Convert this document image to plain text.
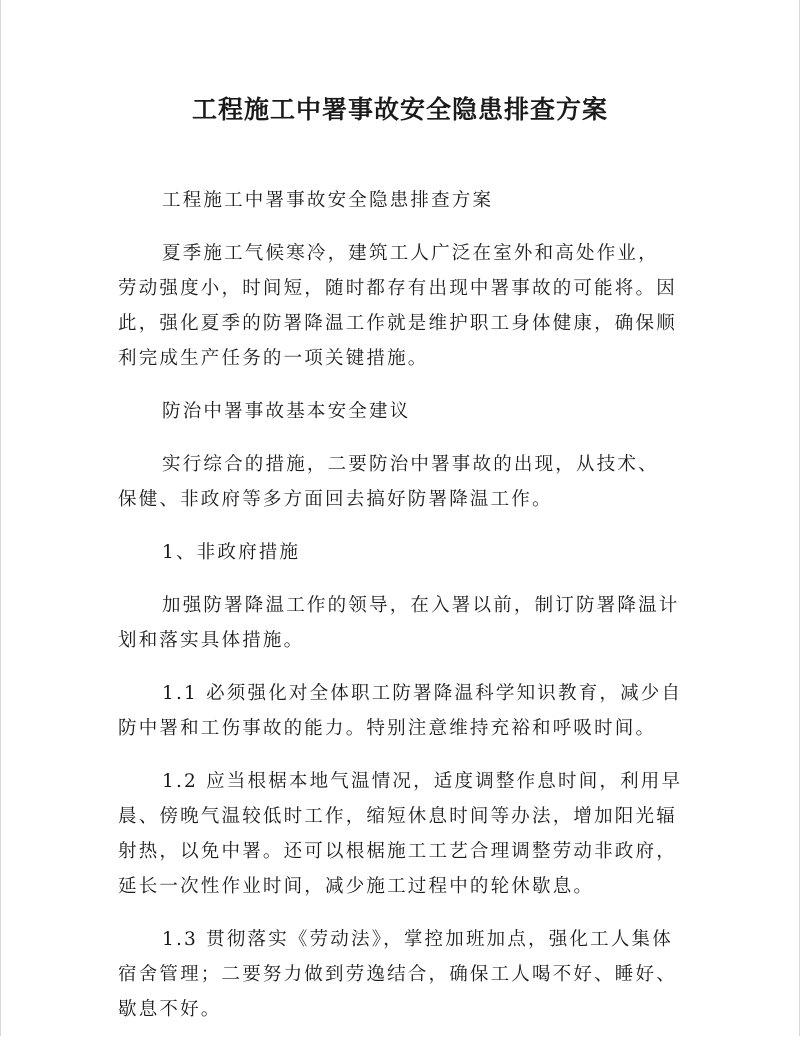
工程施工中署事故安全隐患排查方案

工程施工中署事故安全隐患排查方案

夏季施工气候寒冷，建筑工人广泛在室外和高处作业，
劳动强度小，时间短，随时都存有出现中署事故的可能将。因
此，强化夏季的防署降温工作就是维护职工身体健康，确保顺
利完成生产任务的一项关键措施。

防治中署事故基本安全建议

实行综合的措施，二要防治中署事故的出现，从技术、
保健、非政府等多方面回去搞好防署降温工作。

1、非政府措施

加强防署降温工作的领导，在入署以前，制订防署降温计
划和落实具体措施。

1.1 必须强化对全体职工防署降温科学知识教育，减少自
防中署和工伤事故的能力。特别注意维持充裕和呼吸时间。

1.2 应当根椐本地气温情况，适度调整作息时间，利用早
晨、傍晚气温较低时工作，缩短休息时间等办法，增加阳光辐
射热，以免中署。还可以根椐施工工艺合理调整劳动非政府，
延长一次性作业时间，减少施工过程中的轮休歇息。

1.3 贯彻落实《劳动法》，掌控加班加点，强化工人集体
宿舍管理；二要努力做到劳逸结合，确保工人喝不好、睡好、
歇息不好。
